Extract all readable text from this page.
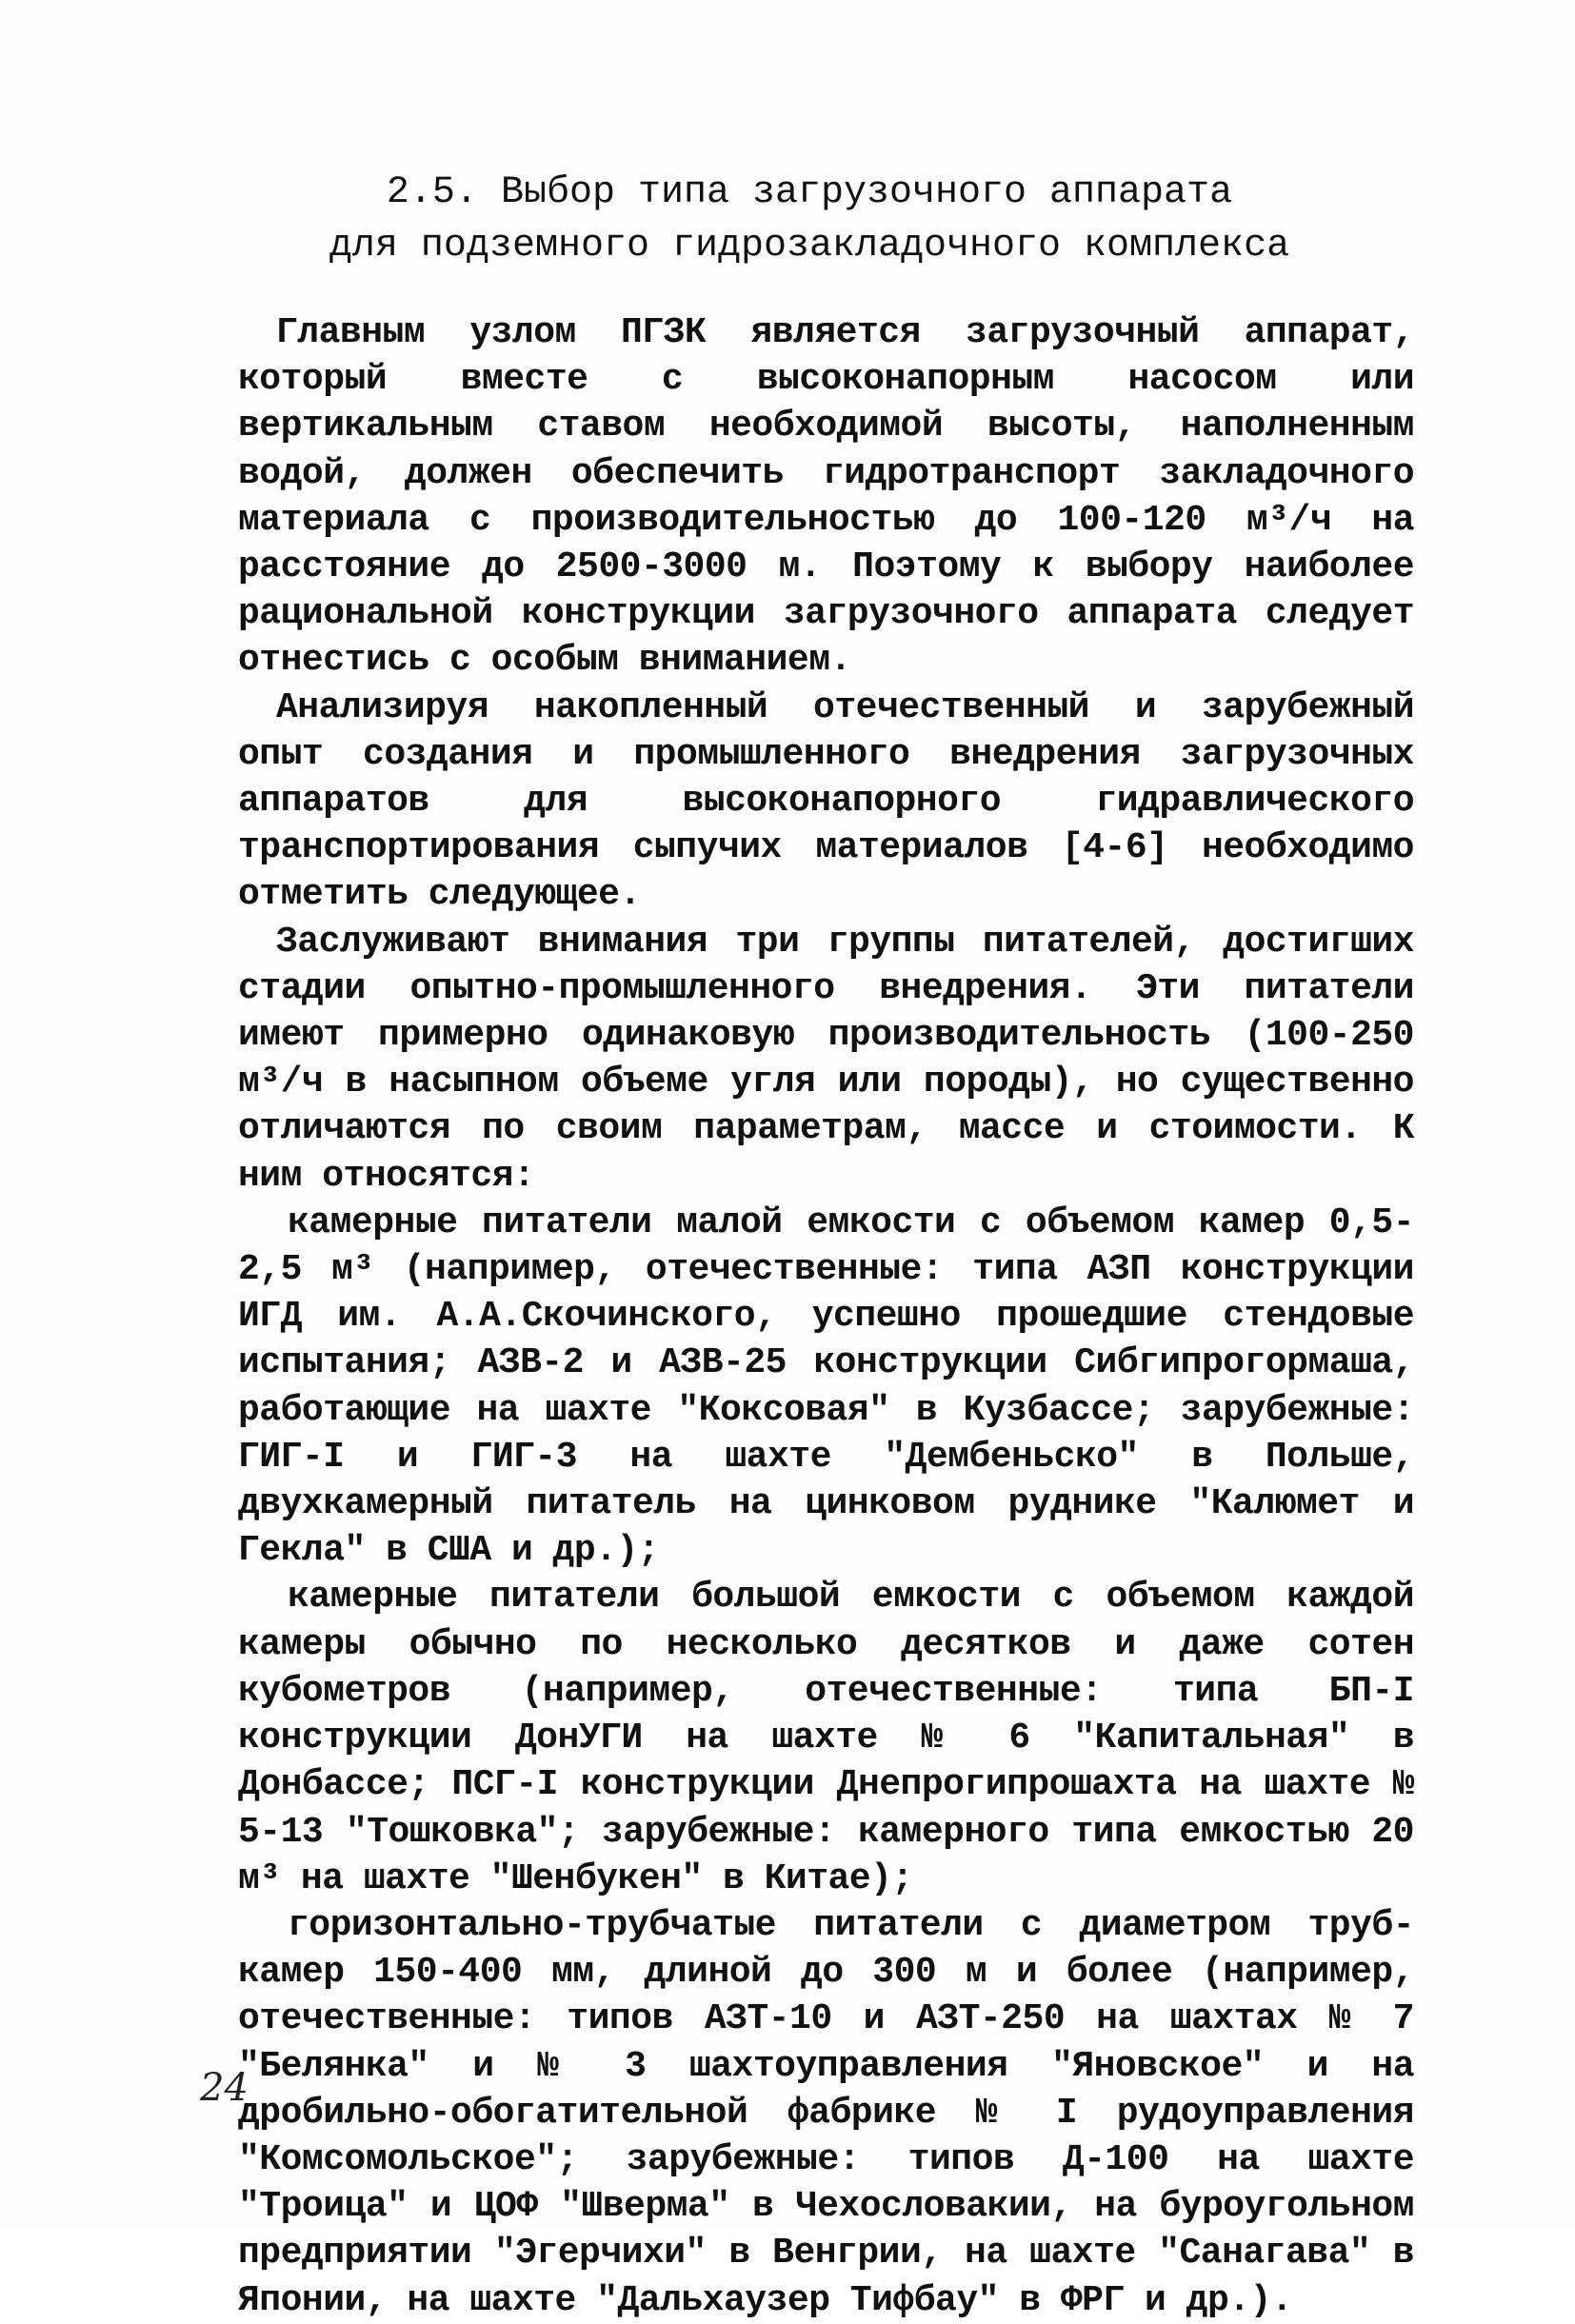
2.5. Выбор типа загрузочного аппарата
для подземного гидрозакладочного комплекса

Главным узлом ПГЗК является загрузочный аппарат, который вместе с высоконапорным насосом или вертикальным ставом необходимой высоты, наполненным водой, должен обеспечить гидротранспорт закладочного материала с производительностью до 100-120 м³/ч на расстояние до 2500-3000 м. Поэтому к выбору наиболее рациональной конструкции загрузочного аппарата следует отнестись с особым вниманием.

Анализируя накопленный отечественный и зарубежный опыт создания и промышленного внедрения загрузочных аппаратов для высоконапорного гидравлического транспортирования сыпучих материалов [4-6] необходимо отметить следующее.

Заслуживают внимания три группы питателей, достигших стадии опытно-промышленного внедрения. Эти питатели имеют примерно одинаковую производительность (100-250 м³/ч в насыпном объеме угля или породы), но существенно отличаются по своим параметрам, массе и стоимости. К ним относятся:

камерные питатели малой емкости с объемом камер 0,5-2,5 м³ (например, отечественные: типа АЗП конструкции ИГД им. А.А.Скочинского, успешно прошедшие стендовые испытания; АЗВ-2 и АЗВ-25 конструкции Сибгипрогормаша, работающие на шахте "Коксовая" в Кузбассе; зарубежные: ГИГ-I и ГИГ-3 на шахте "Дембеньско" в Польше, двухкамерный питатель на цинковом руднике "Калюмет и Гекла" в США и др.);

камерные питатели большой емкости с объемом каждой камеры обычно по несколько десятков и даже сотен кубометров (например, отечественные: типа БП-I конструкции ДонУГИ на шахте № 6 "Капитальная" в Донбассе; ПСГ-I конструкции Днепрогипрошахта на шахте № 5-13 "Тошковка"; зарубежные: камерного типа емкостью 20 м³ на шахте "Шенбукен" в Китае);

горизонтально-трубчатые питатели с диаметром труб-камер 150-400 мм, длиной до 300 м и более (например, отечественные: типов АЗТ-10 и АЗТ-250 на шахтах № 7 "Белянка" и № 3 шахтоуправления "Яновское" и на дробильно-обогатительной фабрике № I рудоуправления "Комсомольское"; зарубежные: типов Д-100 на шахте "Троица" и ЦОФ "Шверма" в Чехословакии, на буроугольном предприятии "Эгерчихи" в Венгрии, на шахте "Санагава" в Японии, на шахте "Дальхаузер Тифбау" в ФРГ и др.).

24
